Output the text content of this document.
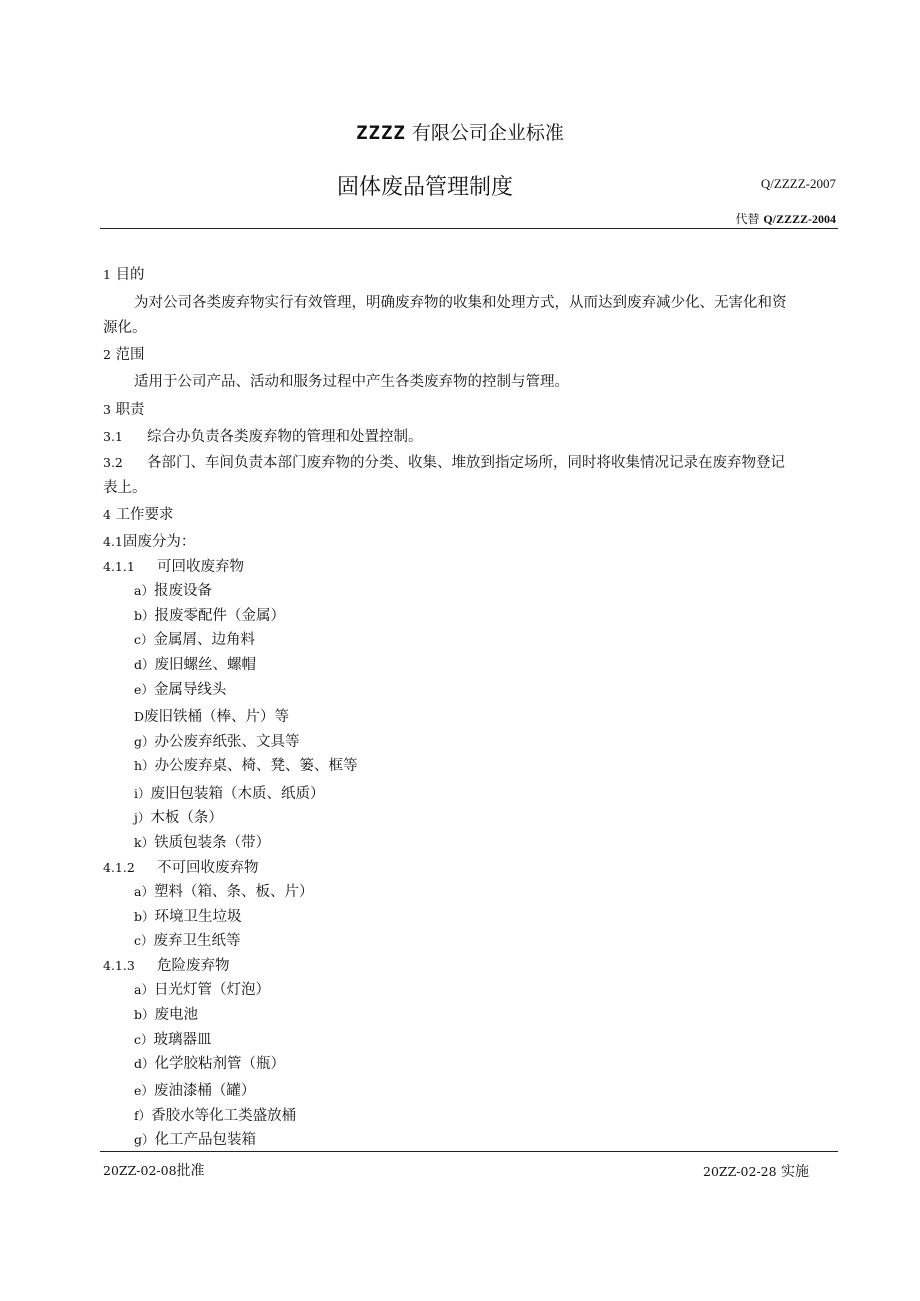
ZZZZ 有限公司企业标准
固体废品管理制度	Q/ZZZZ-2007
代替 Q/ZZZZ-2004
1 目的
为对公司各类废弃物实行有效管理，明确废弃物的收集和处理方式，从而达到废弃减少化、无害化和资
源化。
2 范围
适用于公司产品、活动和服务过程中产生各类废弃物的控制与管理。
3 职责
3.1 综合办负责各类废弃物的管理和处置控制。
3.2 各部门、车间负责本部门废弃物的分类、收集、堆放到指定场所，同时将收集情况记录在废弃物登记
表上。
4 工作要求
4.1固废分为：
4.1.1 可回收废弃物
a）报废设备
b）报废零配件（金属）
c）金属屑、边角料
d）废旧螺丝、螺帽
e）金属导线头
D废旧铁桶（棒、片）等
g）办公废弃纸张、文具等
h）办公废弃桌、椅、凳、篓、框等
i）废旧包装箱（木质、纸质）
j）木板（条）
k）铁质包装条（带）
4.1.2 不可回收废弃物
a）塑料（箱、条、板、片）
b）环境卫生垃圾
c）废弃卫生纸等
4.1.3 危险废弃物
a）日光灯管（灯泡）
b）废电池
c）玻璃器皿
d）化学胶粘剂管（瓶）
e）废油漆桶（罐）
f）香胶水等化工类盛放桶
g）化工产品包装箱
20ZZ-02-08批准	20ZZ-02-28 实施
